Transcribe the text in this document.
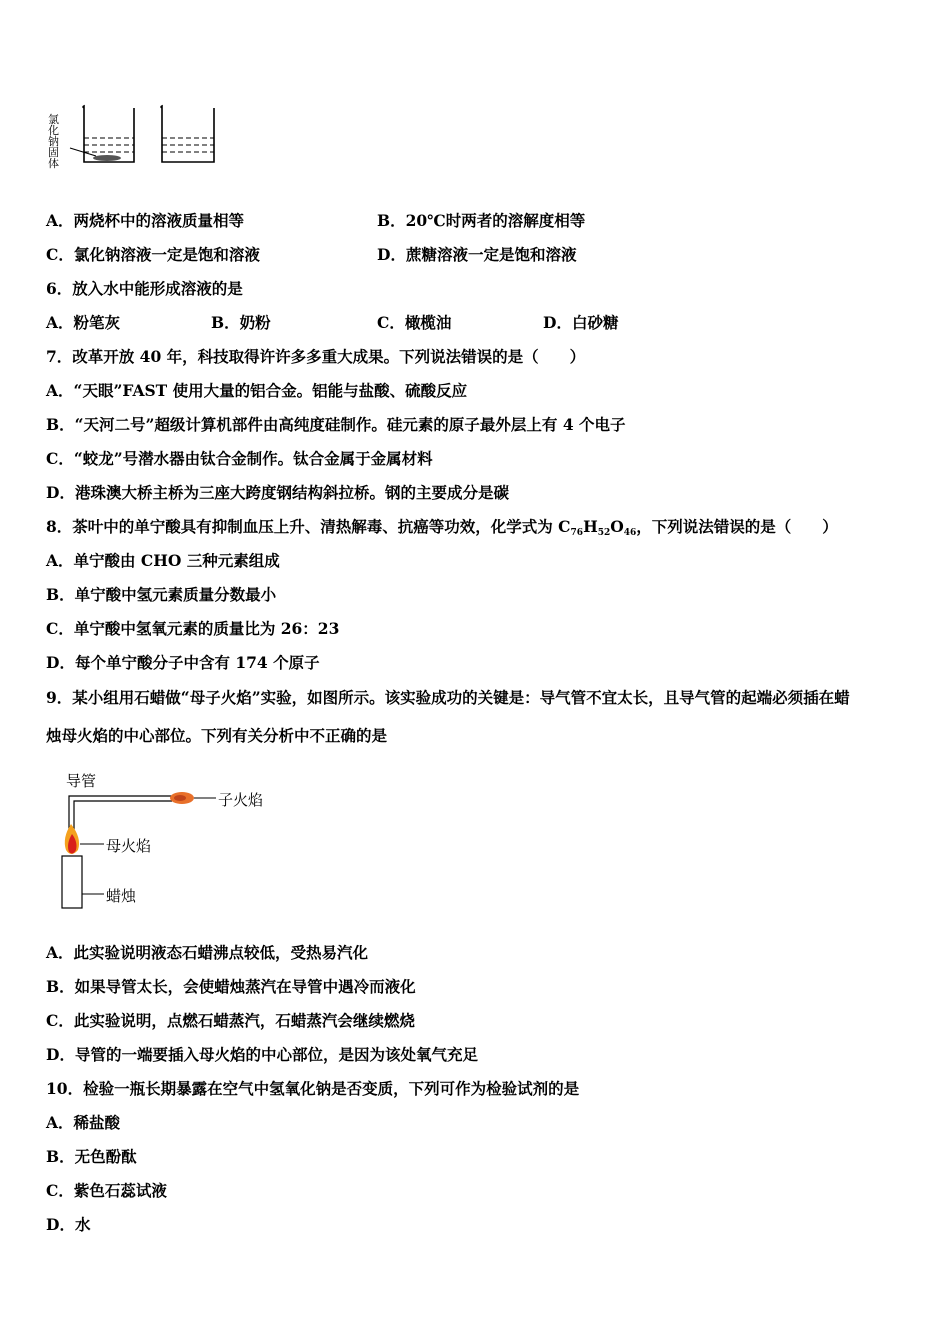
氯化钠固体
A．两烧杯中的溶液质量相等	B．20℃时两者的溶解度相等
C．氯化钠溶液一定是饱和溶液	D．蔗糖溶液一定是饱和溶液
6．放入水中能形成溶液的是
A．粉笔灰	B．奶粉	C．橄榄油	D．白砂糖
7．改革开放 40 年，科技取得许许多多重大成果。下列说法错误的是（　　）
A．“天眼”FAST 使用大量的铝合金。铝能与盐酸、硫酸反应
B．“天河二号”超级计算机部件由高纯度硅制作。硅元素的原子最外层上有 4 个电子
C．“蛟龙”号潜水器由钛合金制作。钛合金属于金属材料
D．港珠澳大桥主桥为三座大跨度钢结构斜拉桥。钢的主要成分是碳
8．茶叶中的单宁酸具有抑制血压上升、清热解毒、抗癌等功效，化学式为 $C_{76}H_{52}O_{46}$，下列说法错误的是（　　）
A．单宁酸由 CHO 三种元素组成
B．单宁酸中氢元素质量分数最小
C．单宁酸中氢氧元素的质量比为 26：23
D．每个单宁酸分子中含有 174 个原子
9．某小组用石蜡做“母子火焰”实验，如图所示。该实验成功的关键是：导气管不宜太长，且导气管的起端必须插在蜡
烛母火焰的中心部位。下列有关分析中不正确的是
导管
子火焰
母火焰
蜡烛
A．此实验说明液态石蜡沸点较低，受热易汽化
B．如果导管太长，会使蜡烛蒸汽在导管中遇冷而液化
C．此实验说明，点燃石蜡蒸汽，石蜡蒸汽会继续燃烧
D．导管的一端要插入母火焰的中心部位，是因为该处氧气充足
10．检验一瓶长期暴露在空气中氢氧化钠是否变质，下列可作为检验试剂的是
A．稀盐酸
B．无色酚酞
C．紫色石蕊试液
D．水
